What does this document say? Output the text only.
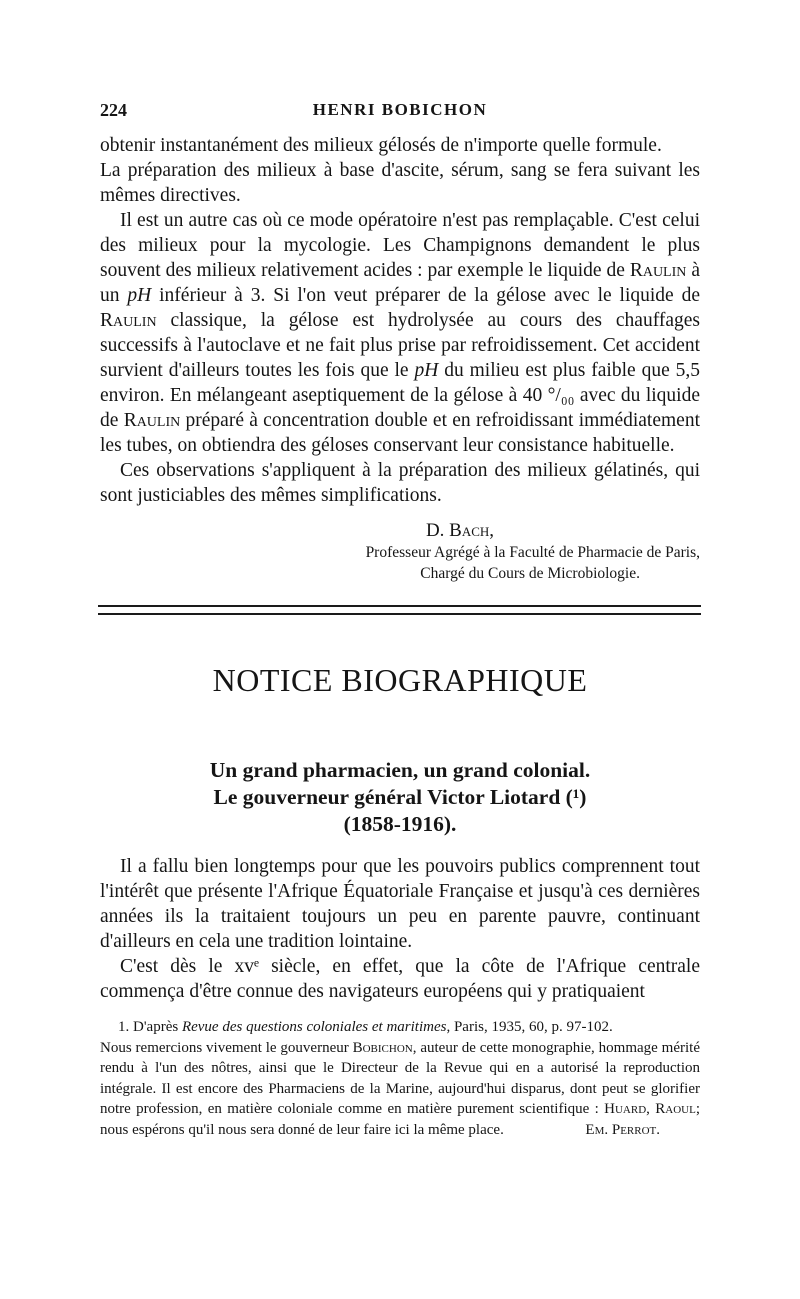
224	HENRI BOBICHON

obtenir instantanément des milieux gélosés de n'importe quelle formule.

La préparation des milieux à base d'ascite, sérum, sang se fera suivant les mêmes directives.

Il est un autre cas où ce mode opératoire n'est pas remplaçable. C'est celui des milieux pour la mycologie. Les Champignons demandent le plus souvent des milieux relativement acides : par exemple le liquide de Raulin à un pH inférieur à 3. Si l'on veut préparer de la gélose avec le liquide de Raulin classique, la gélose est hydrolysée au cours des chauffages successifs à l'autoclave et ne fait plus prise par refroidissement. Cet accident survient d'ailleurs toutes les fois que le pH du milieu est plus faible que 5,5 environ. En mélangeant aseptiquement de la gélose à 40 °/₀₀ avec du liquide de Raulin préparé à concentration double et en refroidissant immédiatement les tubes, on obtiendra des géloses conservant leur consistance habituelle.

Ces observations s'appliquent à la préparation des milieux gélatinés, qui sont justiciables des mêmes simplifications.

D. Bach,
Professeur Agrégé à la Faculté de Pharmacie de Paris,
Chargé du Cours de Microbiologie.
NOTICE BIOGRAPHIQUE
Un grand pharmacien, un grand colonial.
Le gouverneur général Victor Liotard (¹)
(1858-1916).

Il a fallu bien longtemps pour que les pouvoirs publics comprennent tout l'intérêt que présente l'Afrique Équatoriale Française et jusqu'à ces dernières années ils la traitaient toujours un peu en parente pauvre, continuant d'ailleurs en cela une tradition lointaine.

C'est dès le xvᵉ siècle, en effet, que la côte de l'Afrique centrale commença d'être connue des navigateurs européens qui y pratiquaient

1. D'après Revue des questions coloniales et maritimes, Paris, 1935, 60, p. 97-102.

Nous remercions vivement le gouverneur Bobichon, auteur de cette monographie, hommage mérité rendu à l'un des nôtres, ainsi que le Directeur de la Revue qui en a autorisé la reproduction intégrale. Il est encore des Pharmaciens de la Marine, aujourd'hui disparus, dont peut se glorifier notre profession, en matière coloniale comme en matière purement scientifique : Huard, Raoul; nous espérons qu'il nous sera donné de leur faire ici la même place.	Em. Perrot.
